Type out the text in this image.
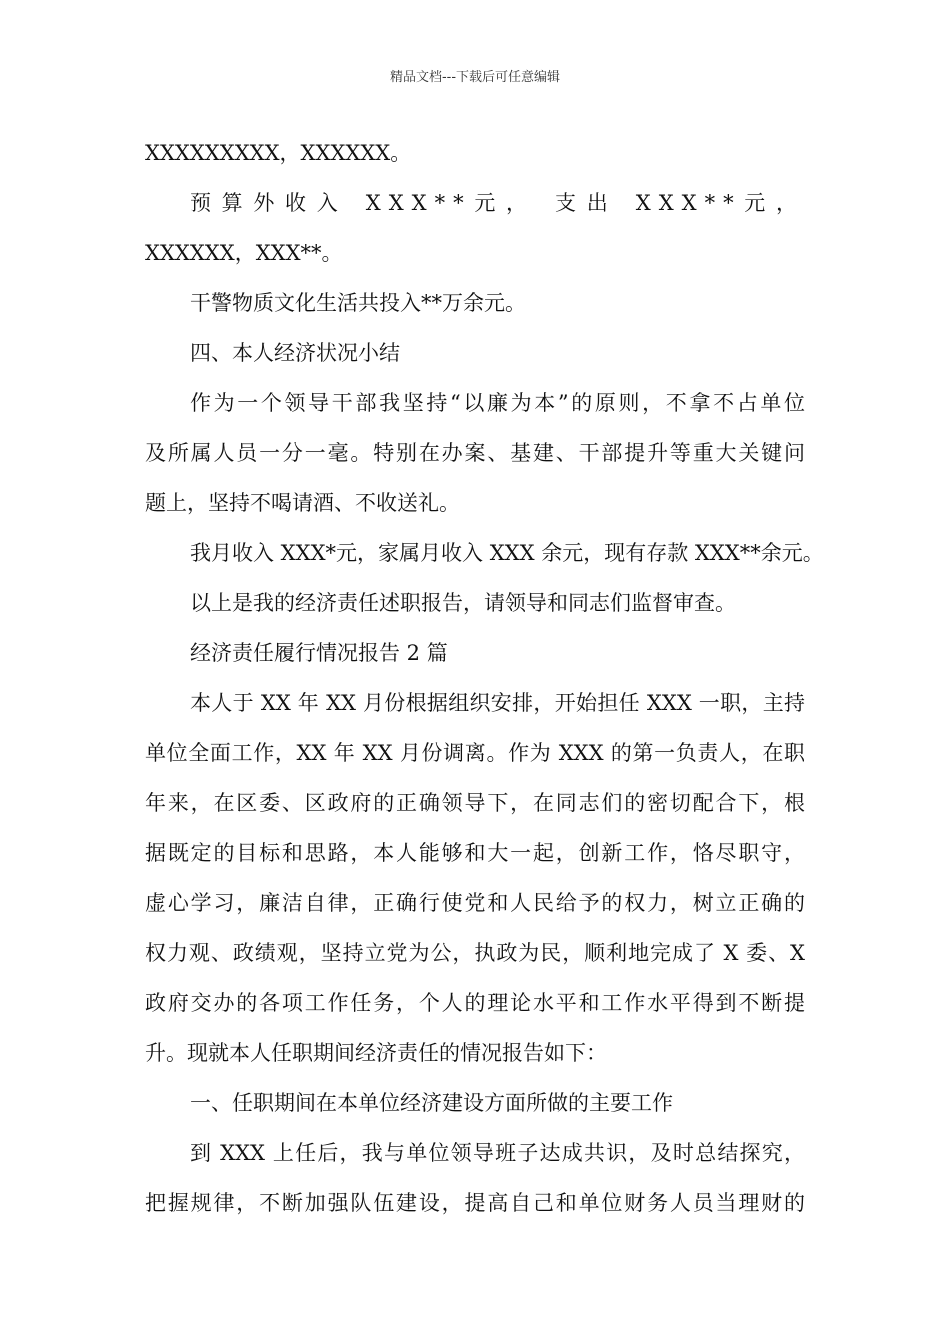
精品文档---下载后可任意编辑
XXXXXXXXX，XXXXXX。
预算外收入 XXX**元， 支出 XXX**元，
XXXXXX，XXX**。
干警物质文化生活共投入**万余元。
四、本人经济状况小结
作为一个领导干部我坚持“以廉为本”的原则，不拿不占单位
及所属人员一分一毫。特别在办案、基建、干部提升等重大关键问
题上，坚持不喝请酒、不收送礼。
我月收入 XXX*元，家属月收入 XXX 余元，现有存款 XXX**余元。
以上是我的经济责任述职报告，请领导和同志们监督审查。
经济责任履行情况报告 2 篇
本人于 XX 年 XX 月份根据组织安排，开始担任 XXX 一职，主持
单位全面工作，XX 年 XX 月份调离。作为 XXX 的第一负责人，在职
年来，在区委、区政府的正确领导下，在同志们的密切配合下，根
据既定的目标和思路，本人能够和大一起，创新工作，恪尽职守，
虚心学习，廉洁自律，正确行使党和人民给予的权力，树立正确的
权力观、政绩观，坚持立党为公，执政为民，顺利地完成了 X 委、X
政府交办的各项工作任务，个人的理论水平和工作水平得到不断提
升。现就本人任职期间经济责任的情况报告如下：
一、任职期间在本单位经济建设方面所做的主要工作
到 XXX 上任后，我与单位领导班子达成共识，及时总结探究，
把握规律，不断加强队伍建设，提高自己和单位财务人员当理财的
